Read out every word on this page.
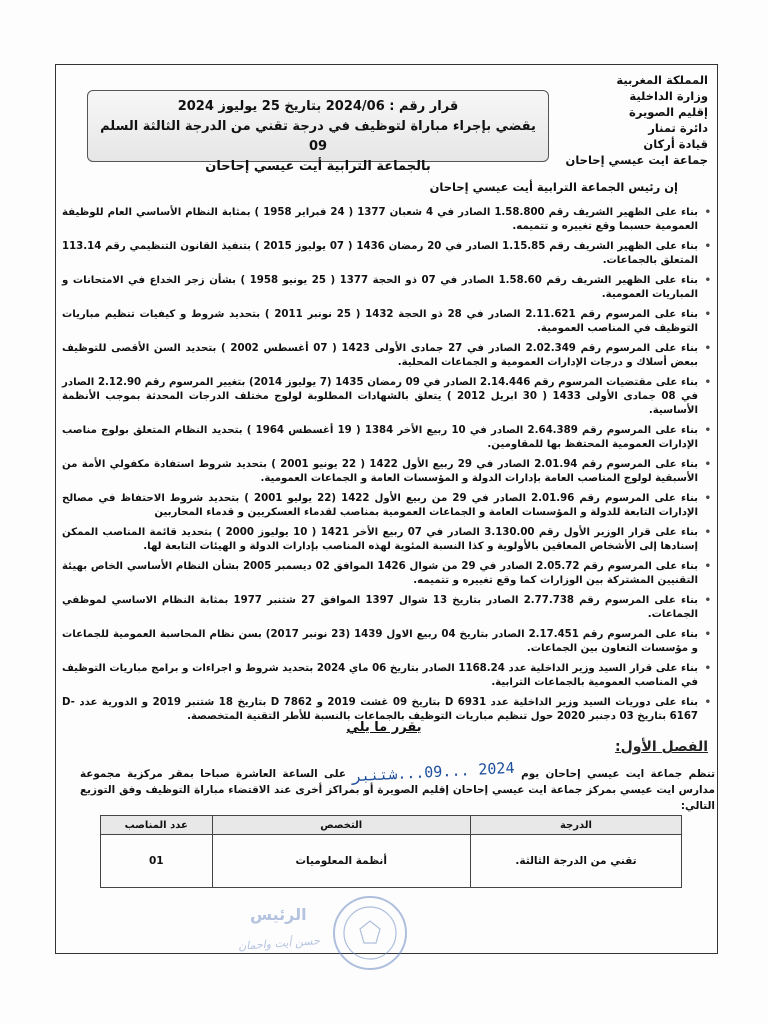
المملكة المغربية
وزارة الداخلية
إقليم الصويرة
دائرة تمنار
قيادة أركان
جماعة ايت عيسي إحاحان
قرار رقم : 2024/06 بتاريخ 25 يوليوز 2024
يقضي بإجراء مباراة لتوظيف في درجة تقني من الدرجة الثالثة السلم 09
بالجماعة الترابية أيت عيسي إحاحان
إن رئيس الجماعة الترابية أيت عيسي إحاحان
•
بناء على الظهير الشريف رقم 1.58.800 الصادر في 4 شعبان 1377 ( 24 فبراير 1958 ) بمثابة النظام الأساسي العام للوظيفة العمومية حسبما وقع تغييره و تتميمه.
•
بناء على الظهير الشريف رقم 1.15.85 الصادر في 20 رمضان 1436 ( 07 يوليوز 2015 ) بتنفيذ القانون التنظيمي رقم 113.14 المتعلق بالجماعات.
•
بناء على الظهير الشريف رقم 1.58.60 الصادر في 07 ذو الحجة 1377 ( 25 يونيو 1958 ) بشأن زجر الخداع في الامتحانات و المباريات العمومية.
•
بناء على المرسوم رقم 2.11.621 الصادر في 28 ذو الحجة 1432 ( 25 نونبر 2011 ) بتحديد شروط و كيفيات تنظيم مباريات التوظيف في المناصب العمومية.
•
بناء على المرسوم رقم 2.02.349 الصادر في 27 جمادى الأولى 1423 ( 07 أغسطس 2002 ) بتحديد السن الأقصى للتوظيف ببعض أسلاك و درجات الإدارات العمومية و الجماعات المحلية.
•
بناء على مقتضيات المرسوم رقم 2.14.446 الصادر في 09 رمضان 1435 (7 يوليوز 2014) بتغيير المرسوم رقم 2.12.90 الصادر في 08 جمادى الأولى 1433 ( 30 ابريل 2012 ) يتعلق بالشهادات المطلوبة لولوج مختلف الدرجات المحدثة بموجب الأنظمة الأساسية.
•
بناء على المرسوم رقم 2.64.389 الصادر في 10 ربيع الأخر 1384 ( 19 أغسطس 1964 ) بتحديد النظام المتعلق بولوج مناصب الإدارات العمومية المحتفظ بها للمقاومين.
•
بناء على المرسوم رقم 2.01.94 الصادر في 29 ربيع الأول 1422 ( 22 يونيو 2001 ) بتحديد شروط استفادة مكفولي الأمة من الأسبقية لولوج المناصب العامة بإدارات الدولة و المؤسسات العامة و الجماعات العمومية.
•
بناء على المرسوم رقم 2.01.96 الصادر في 29 من ربيع الأول 1422 (22 يوليو 2001 ) بتحديد شروط الاحتفاظ في مصالح الإدارات التابعة للدولة و المؤسسات العامة و الجماعات العمومية بمناصب لقدماء العسكريين و قدماء المحاربين
•
بناء على قرار الوزير الأول رقم 3.130.00 الصادر في 07 ربيع الأخر 1421 ( 10 يوليوز 2000 ) بتحديد قائمة المناصب الممكن إسنادها إلى الأشخاص المعاقين بالأولوية و كذا النسبة المئوية لهذه المناصب بإدارات الدولة و الهيئات التابعة لها.
•
بناء على المرسوم رقم 2.05.72 الصادر في 29 من شوال 1426 الموافق 02 ديسمبر 2005 بشأن النظام الأساسي الخاص بهيئة التقنيين المشتركة بين الوزارات كما وقع تغييره و تتميمه.
•
بناء على المرسوم رقم 2.77.738 الصادر بتاريخ 13 شوال 1397 الموافق 27 شتنبر 1977 بمثابة النظام الاساسي لموظفي الجماعات.
•
بناء على المرسوم رقم 2.17.451 الصادر بتاريخ 04 ربيع الاول 1439 (23 نونبر 2017) بسن نظام المحاسبة العمومية للجماعات و مؤسسات التعاون بين الجماعات.
•
بناء على قرار السيد وزير الداخلية عدد 1168.24 الصادر بتاريخ 06 ماي 2024 بتحديد شروط و اجراءات و برامج مباريات التوظيف في المناصب العمومية بالجماعات الترابية.
•
بناء على دوريات السيد وزير الداخلية عدد D 6931 بتاريخ 09 غشت 2019 و D 7862 بتاريخ 18 شتنبر 2019 و الدورية عدد D-6167 بتاريخ 03 دجنبر 2020 حول تنظيم مباريات التوظيف بالجماعات بالنسبة للأطر التقنية المتخصصة.
يقرر ما يلي
الفصل الأول:
تنظم جماعة ايت عيسي إحاحان يوم 2024 ...09...شتنبر على الساعة العاشرة صباحا بمقر مركزية مجموعة مدارس ايت عيسي بمركز جماعة ايت عيسي إحاحان إقليم الصويرة أو بمراكز أخرى عند الاقتضاء مباراة التوظيف وفق التوزيع التالي:
الدرجة	التخصص	عدد المناصب
تقني من الدرجة الثالثة.	أنظمة المعلوميات	01
الرئيس
حسن أيت واحمان
